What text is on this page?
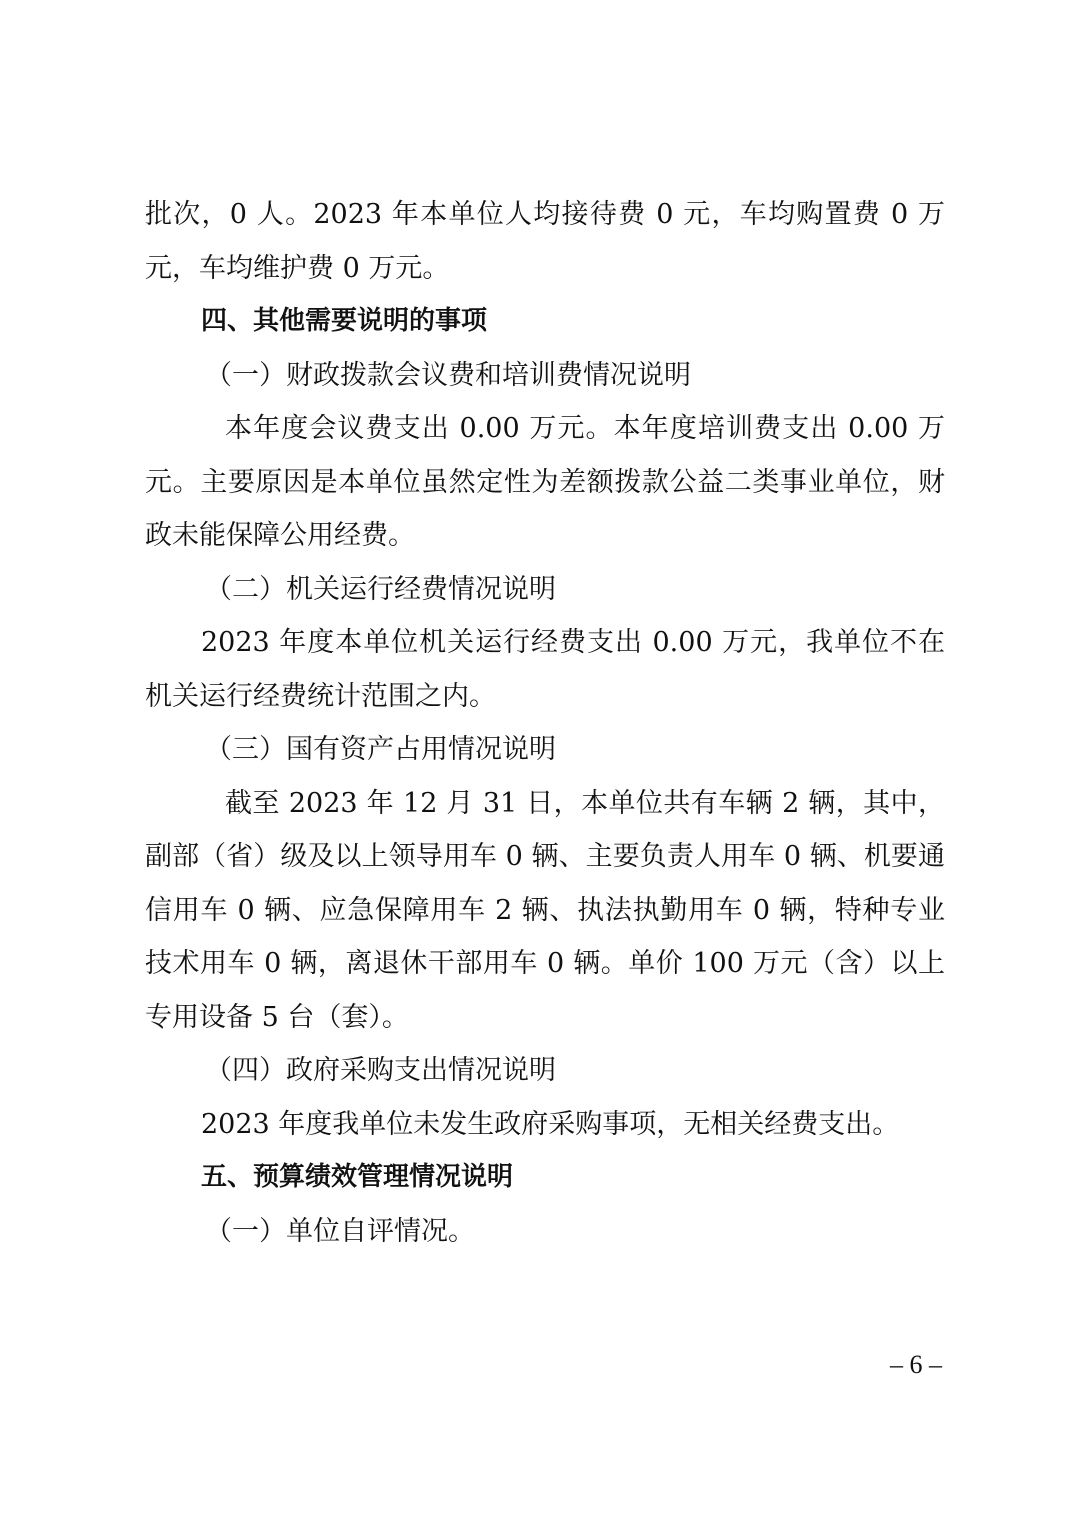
批次，0 人。2023 年本单位人均接待费 0 元，车均购置费 0 万元，车均维护费 0 万元。

四、其他需要说明的事项

（一）财政拨款会议费和培训费情况说明

本年度会议费支出 0.00 万元。本年度培训费支出 0.00 万元。主要原因是本单位虽然定性为差额拨款公益二类事业单位，财政未能保障公用经费。

（二）机关运行经费情况说明

2023 年度本单位机关运行经费支出 0.00 万元，我单位不在机关运行经费统计范围之内。

（三）国有资产占用情况说明

截至 2023 年 12 月 31 日，本单位共有车辆 2 辆，其中，副部（省）级及以上领导用车 0 辆、主要负责人用车 0 辆、机要通信用车 0 辆、应急保障用车 2 辆、执法执勤用车 0 辆，特种专业技术用车 0 辆，离退休干部用车 0 辆。单价 100 万元（含）以上专用设备 5 台（套）。

（四）政府采购支出情况说明

2023 年度我单位未发生政府采购事项，无相关经费支出。

五、预算绩效管理情况说明

（一）单位自评情况。

– 6 –
